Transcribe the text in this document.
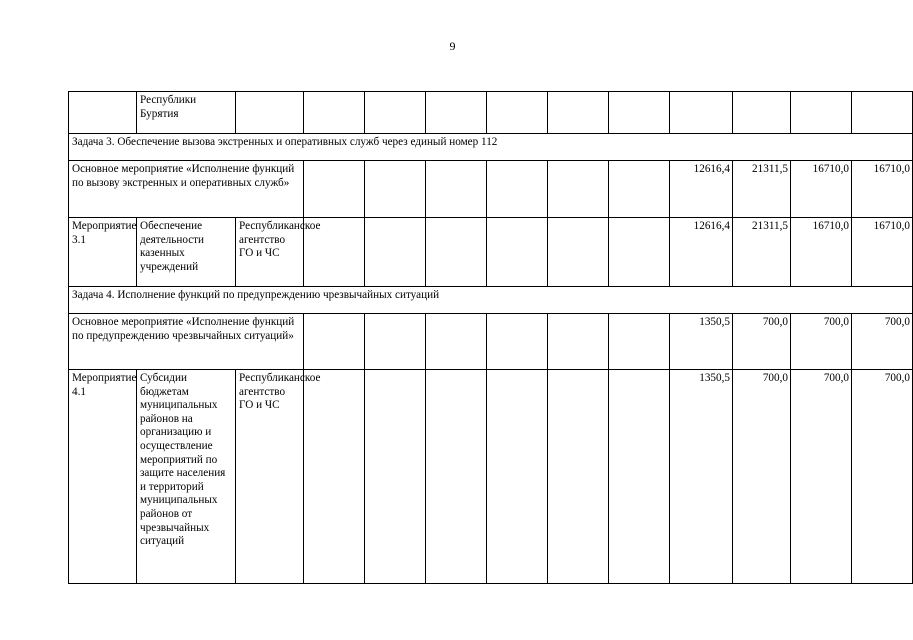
9
	Республики Бурятия											
Задача 3. Обеспечение вызова экстренных и оперативных служб через единый номер 112												
Основное мероприятие «Исполнение функций по вызову экстренных и оперативных служб»									12616,4	21311,5	16710,0	16710,0
Мероприятие 3.1	Обеспечение деятельности казенных учреждений	Республиканское агентство ГО и ЧС							12616,4	21311,5	16710,0	16710,0
Задача 4. Исполнение функций по предупреждению чрезвычайных ситуаций												
Основное мероприятие «Исполнение функций по предупреждению чрезвычайных ситуаций»									1350,5	700,0	700,0	700,0
Мероприятие 4.1	Субсидии бюджетам муниципальных районов на организацию и осуществление мероприятий по защите населения и территорий муниципальных районов от чрезвычайных ситуаций	Республиканское агентство ГО и ЧС							1350,5	700,0	700,0	700,0
